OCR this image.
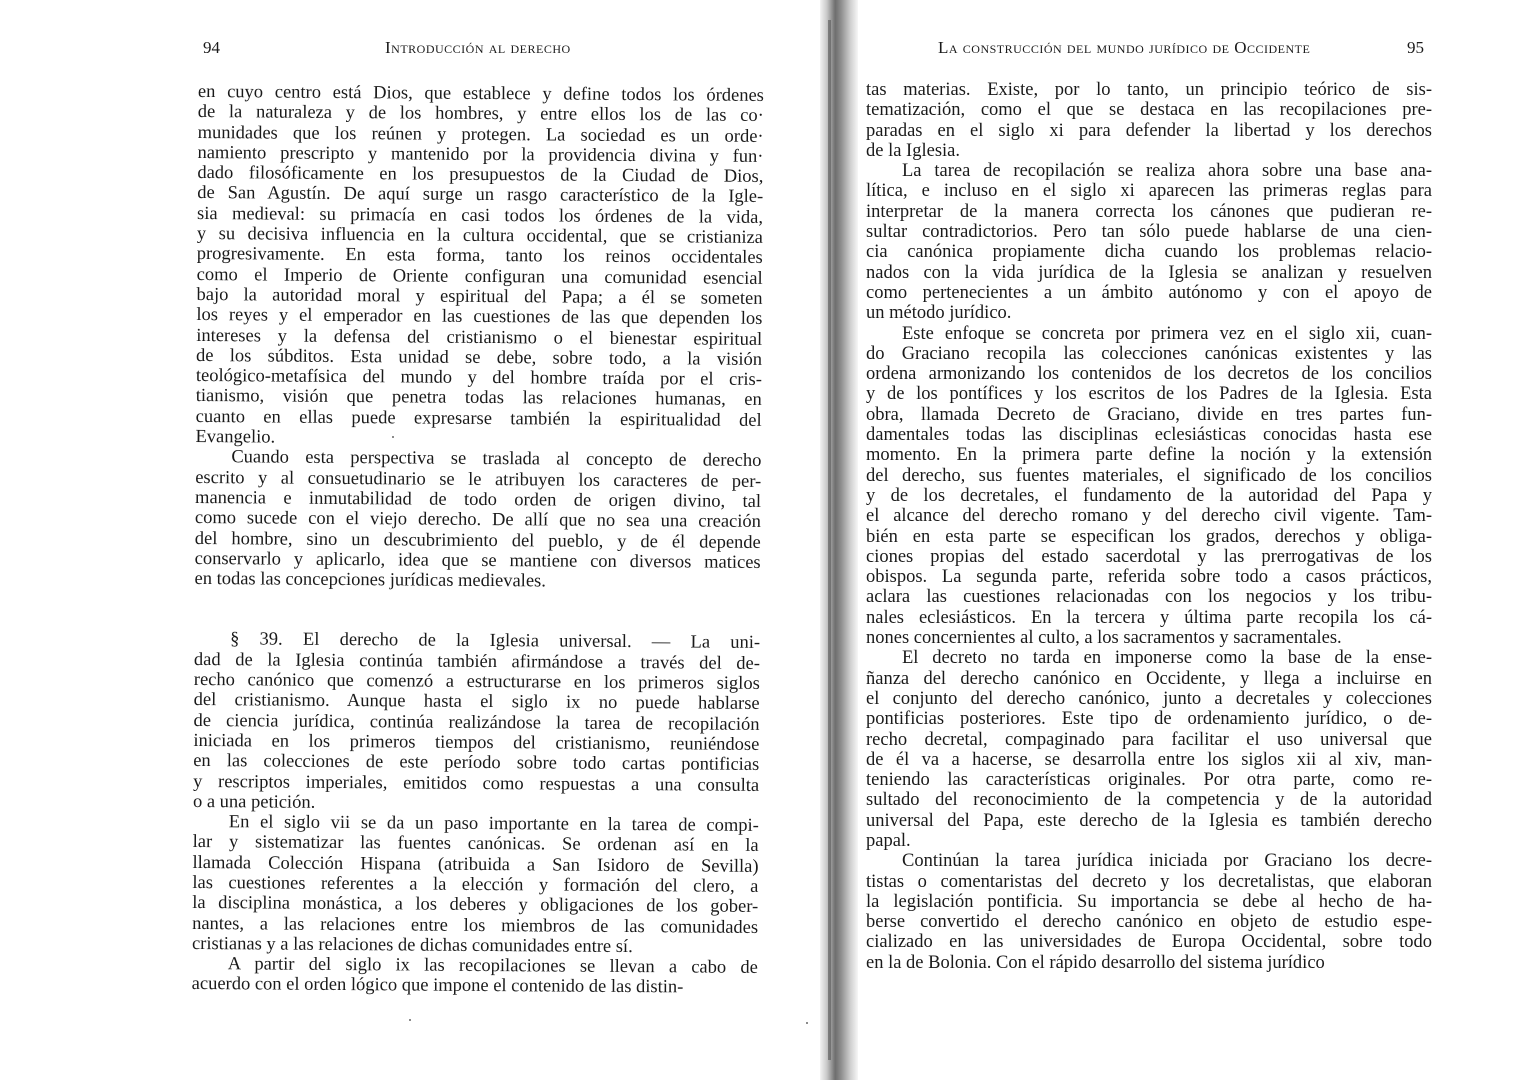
94	Introducción al derecho
en cuyo centro está Dios, que establece y define todos los órdenes
de la naturaleza y de los hombres, y entre ellos los de las co·
munidades que los reúnen y protegen. La sociedad es un orde·
namiento prescripto y mantenido por la providencia divina y fun·
dado filosóficamente en los presupuestos de la Ciudad de Dios,
de San Agustín. De aquí surge un rasgo característico de la Igle-
sia medieval: su primacía en casi todos los órdenes de la vida,
y su decisiva influencia en la cultura occidental, que se cristianiza
progresivamente. En esta forma, tanto los reinos occidentales
como el Imperio de Oriente configuran una comunidad esencial
bajo la autoridad moral y espiritual del Papa; a él se someten
los reyes y el emperador en las cuestiones de las que dependen los
intereses y la defensa del cristianismo o el bienestar espiritual
de los súbditos. Esta unidad se debe, sobre todo, a la visión
teológico-metafísica del mundo y del hombre traída por el cris-
tianismo, visión que penetra todas las relaciones humanas, en
cuanto en ellas puede expresarse también la espiritualidad del
Evangelio.
Cuando esta perspectiva se traslada al concepto de derecho
escrito y al consuetudinario se le atribuyen los caracteres de per-
manencia e inmutabilidad de todo orden de origen divino, tal
como sucede con el viejo derecho. De allí que no sea una creación
del hombre, sino un descubrimiento del pueblo, y de él depende
conservarlo y aplicarlo, idea que se mantiene con diversos matices
en todas las concepciones jurídicas medievales.
§ 39. El derecho de la Iglesia universal. — La uni-
dad de la Iglesia continúa también afirmándose a través del de-
recho canónico que comenzó a estructurarse en los primeros siglos
del cristianismo. Aunque hasta el siglo ix no puede hablarse
de ciencia jurídica, continúa realizándose la tarea de recopilación
iniciada en los primeros tiempos del cristianismo, reuniéndose
en las colecciones de este período sobre todo cartas pontificias
y rescriptos imperiales, emitidos como respuestas a una consulta
o a una petición.
En el siglo vii se da un paso importante en la tarea de compi-
lar y sistematizar las fuentes canónicas. Se ordenan así en la
llamada Colección Hispana (atribuida a San Isidoro de Sevilla)
las cuestiones referentes a la elección y formación del clero, a
la disciplina monástica, a los deberes y obligaciones de los gober-
nantes, a las relaciones entre los miembros de las comunidades
cristianas y a las relaciones de dichas comunidades entre sí.
A partir del siglo ix las recopilaciones se llevan a cabo de
acuerdo con el orden lógico que impone el contenido de las distin-
La construcción del mundo jurídico de Occidente	95
tas materias. Existe, por lo tanto, un principio teórico de sis-
tematización, como el que se destaca en las recopilaciones pre-
paradas en el siglo xi para defender la libertad y los derechos
de la Iglesia.
La tarea de recopilación se realiza ahora sobre una base ana-
lítica, e incluso en el siglo xi aparecen las primeras reglas para
interpretar de la manera correcta los cánones que pudieran re-
sultar contradictorios. Pero tan sólo puede hablarse de una cien-
cia canónica propiamente dicha cuando los problemas relacio-
nados con la vida jurídica de la Iglesia se analizan y resuelven
como pertenecientes a un ámbito autónomo y con el apoyo de
un método jurídico.
Este enfoque se concreta por primera vez en el siglo xii, cuan-
do Graciano recopila las colecciones canónicas existentes y las
ordena armonizando los contenidos de los decretos de los concilios
y de los pontífices y los escritos de los Padres de la Iglesia. Esta
obra, llamada Decreto de Graciano, divide en tres partes fun-
damentales todas las disciplinas eclesiásticas conocidas hasta ese
momento. En la primera parte define la noción y la extensión
del derecho, sus fuentes materiales, el significado de los concilios
y de los decretales, el fundamento de la autoridad del Papa y
el alcance del derecho romano y del derecho civil vigente. Tam-
bién en esta parte se especifican los grados, derechos y obliga-
ciones propias del estado sacerdotal y las prerrogativas de los
obispos. La segunda parte, referida sobre todo a casos prácticos,
aclara las cuestiones relacionadas con los negocios y los tribu-
nales eclesiásticos. En la tercera y última parte recopila los cá-
nones concernientes al culto, a los sacramentos y sacramentales.
El decreto no tarda en imponerse como la base de la ense-
ñanza del derecho canónico en Occidente, y llega a incluirse en
el conjunto del derecho canónico, junto a decretales y colecciones
pontificias posteriores. Este tipo de ordenamiento jurídico, o de-
recho decretal, compaginado para facilitar el uso universal que
de él va a hacerse, se desarrolla entre los siglos xii al xiv, man-
teniendo las características originales. Por otra parte, como re-
sultado del reconocimiento de la competencia y de la autoridad
universal del Papa, este derecho de la Iglesia es también derecho
papal.
Continúan la tarea jurídica iniciada por Graciano los decre-
tistas o comentaristas del decreto y los decretalistas, que elaboran
la legislación pontificia. Su importancia se debe al hecho de ha-
berse convertido el derecho canónico en objeto de estudio espe-
cializado en las universidades de Europa Occidental, sobre todo
en la de Bolonia. Con el rápido desarrollo del sistema jurídico
